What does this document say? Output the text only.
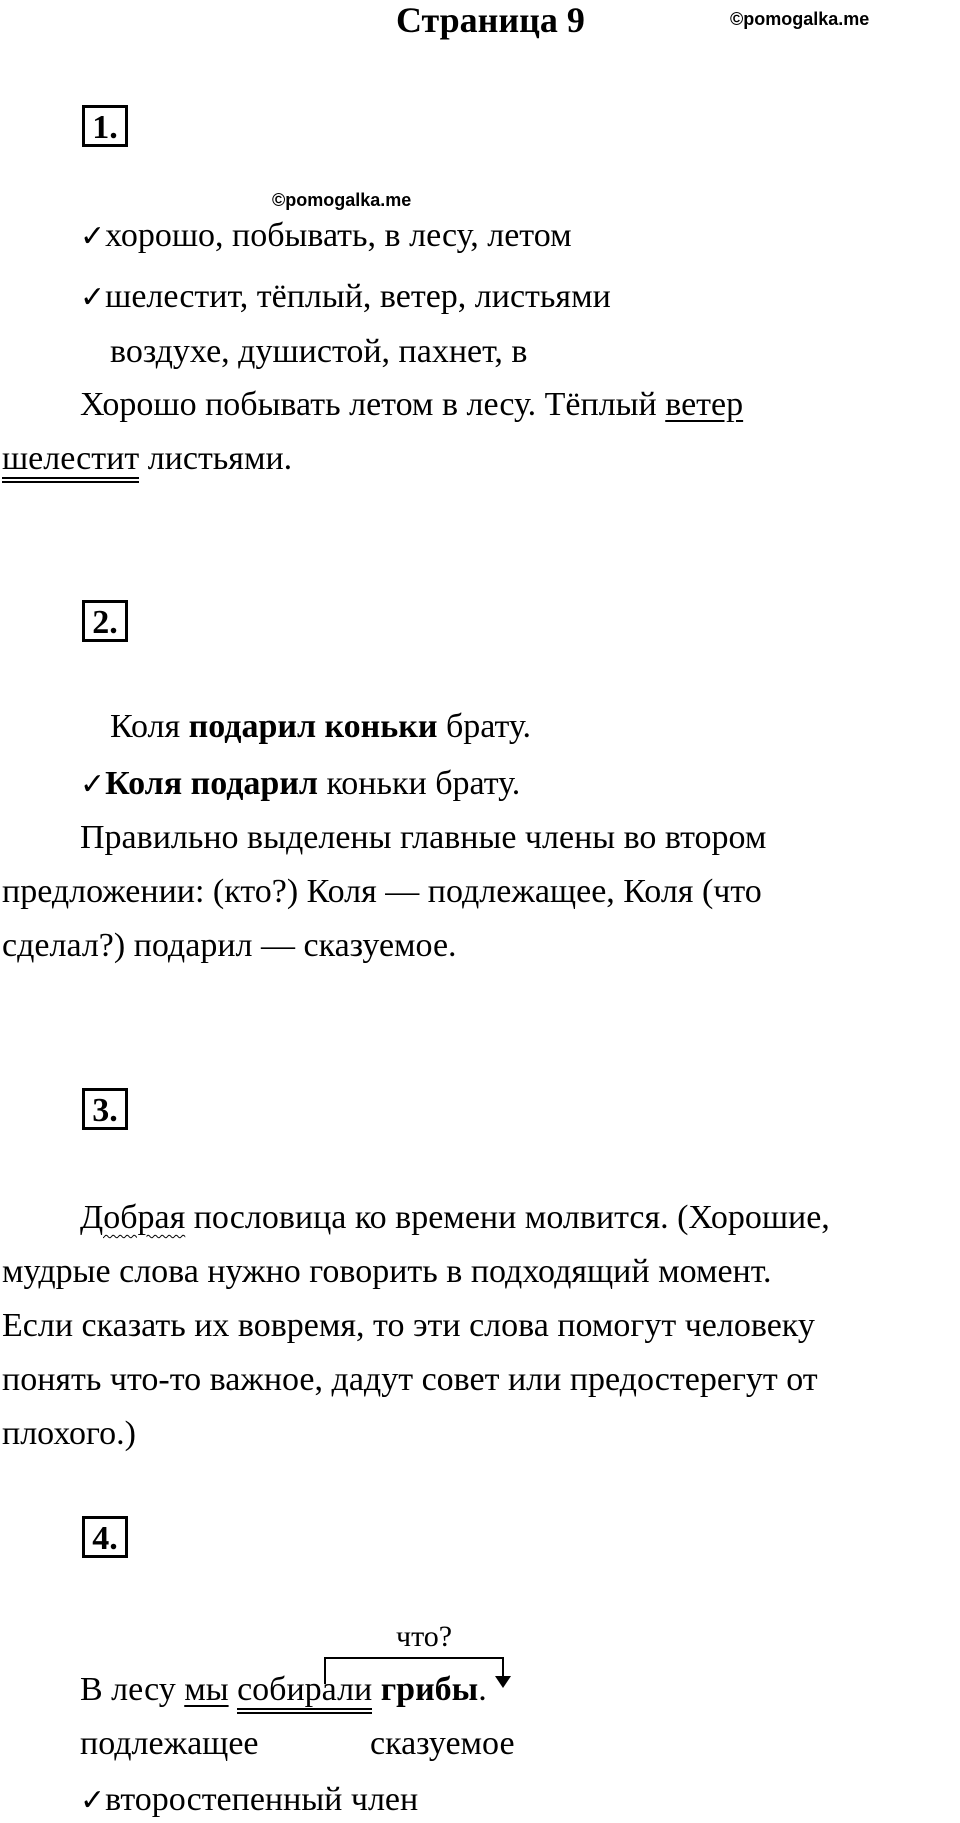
Страница 9	©pomogalka.me
1.
©pomogalka.me
✓хорошо, побывать, в лесу, летом
✓шелестит, тёплый, ветер, листьями
воздухе, душистой, пахнет, в
Хорошо побывать летом в лесу. Тёплый ветер
шелестит листьями.
2.
Коля подарил коньки брату.
✓Коля подарил коньки брату.
Правильно выделены главные члены во втором
предложении: (кто?) Коля — подлежащее, Коля (что
сделал?) подарил — сказуемое.
3.
Добрая пословица ко времени молвится. (Хорошие,
мудрые слова нужно говорить в подходящий момент.
Если сказать их вовремя, то эти слова помогут человеку
понять что-то важное, дадут совет или предостерегут от
плохого.)
4.
что?
В лесу мы собирали грибы.
подлежащее	сказуемое
✓второстепенный член
